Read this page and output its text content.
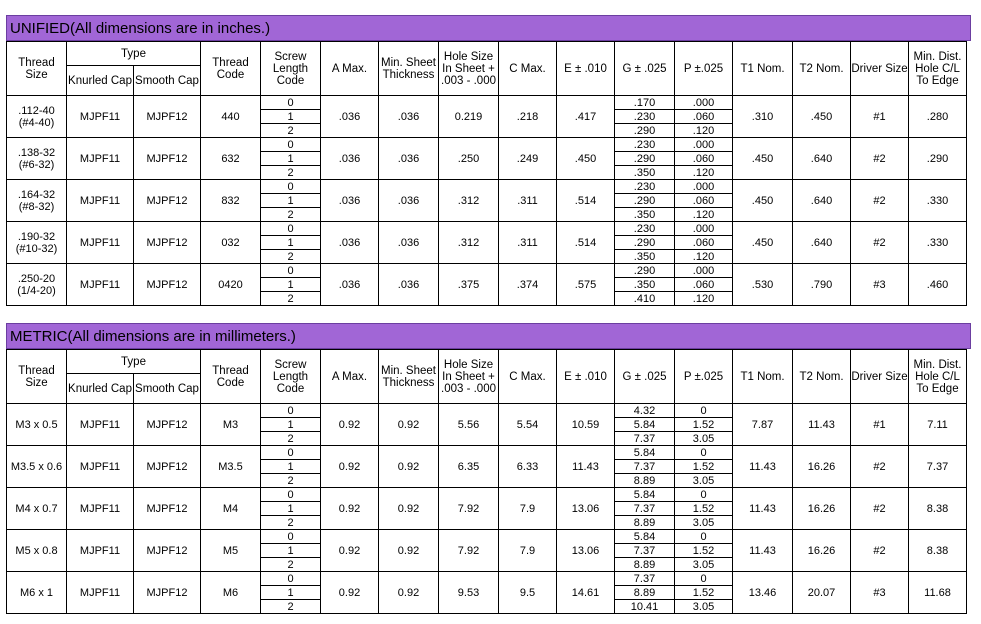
UNIFIED(All dimensions are in inches.)
Thread Size	Type		Thread Code	Screw Length Code	A Max.	Min. Sheet Thickness	Hole Size In Sheet + .003 - .000	C Max.	E ± .010	G ± .025	P ±.025	T1 Nom.	T2 Nom.	Driver Size	Min. Dist. Hole C/L To Edge
	Knurled Cap	Smooth Cap													

.112-40
(#4-40)	MJPF11	MJPF12	440	0	.036	.036	0.219	.218	.417	.170	.000	.310	.450	#1	.280
				1						.230	.060				
				2						.290	.120				

.138-32
(#6-32)	MJPF11	MJPF12	632	0	.036	.036	.250	.249	.450	.230	.000	.450	.640	#2	.290
				1						.290	.060				
				2						.350	.120				

.164-32
(#8-32)	MJPF11	MJPF12	832	0	.036	.036	.312	.311	.514	.230	.000	.450	.640	#2	.330
				1						.290	.060				
				2						.350	.120				

.190-32
(#10-32)	MJPF11	MJPF12	032	0	.036	.036	.312	.311	.514	.230	.000	.450	.640	#2	.330
				1						.290	.060				
				2						.350	.120				

.250-20
(1/4-20)	MJPF11	MJPF12	0420	0	.036	.036	.375	.374	.575	.290	.000	.530	.790	#3	.460
				1						.350	.060				
				2						.410	.120				
METRIC(All dimensions are in millimeters.)
Thread Size	Type		Thread Code	Screw Length Code	A Max.	Min. Sheet Thickness	Hole Size In Sheet + .003 - .000	C Max.	E ± .010	G ± .025	P ±.025	T1 Nom.	T2 Nom.	Driver Size	Min. Dist. Hole C/L To Edge
	Knurled Cap	Smooth Cap													

M3 x 0.5	MJPF11	MJPF12	M3	0	0.92	0.92	5.56	5.54	10.59	4.32	0	7.87	11.43	#1	7.11
				1						5.84	1.52				
				2						7.37	3.05				

M3.5 x 0.6	MJPF11	MJPF12	M3.5	0	0.92	0.92	6.35	6.33	11.43	5.84	0	11.43	16.26	#2	7.37
				1						7.37	1.52				
				2						8.89	3.05				

M4 x 0.7	MJPF11	MJPF12	M4	0	0.92	0.92	7.92	7.9	13.06	5.84	0	11.43	16.26	#2	8.38
				1						7.37	1.52				
				2						8.89	3.05				

M5 x 0.8	MJPF11	MJPF12	M5	0	0.92	0.92	7.92	7.9	13.06	5.84	0	11.43	16.26	#2	8.38
				1						7.37	1.52				
				2						8.89	3.05				

M6 x 1	MJPF11	MJPF12	M6	0	0.92	0.92	9.53	9.5	14.61	7.37	0	13.46	20.07	#3	11.68
				1						8.89	1.52				
				2						10.41	3.05				
